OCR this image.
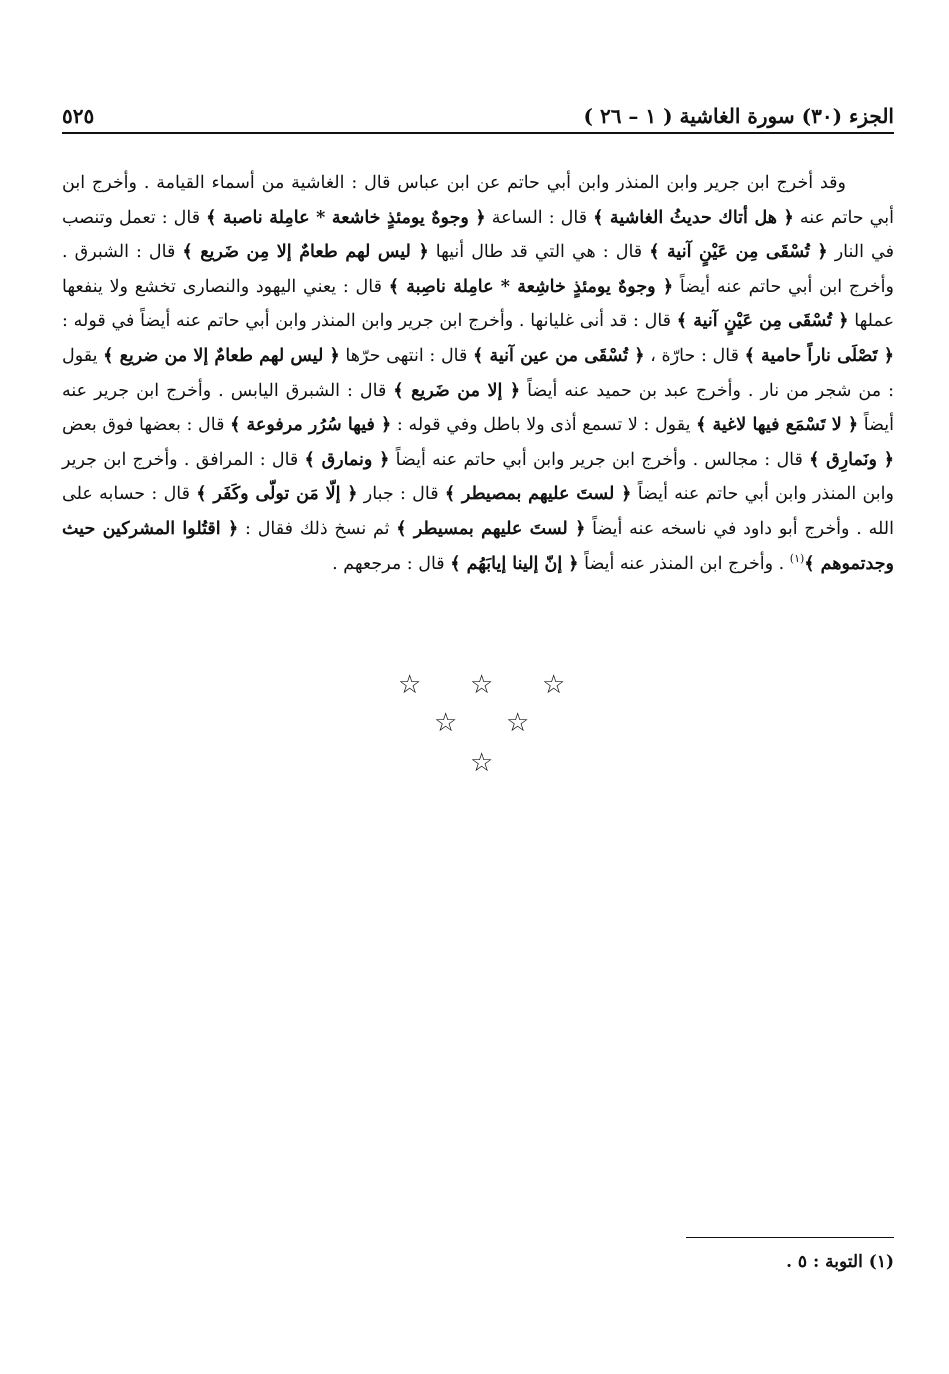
الجزء (٣٠) سورة الغاشية ( ١ – ٢٦ )
٥٢٥
وقد أخرج ابن جرير وابن المنذر وابن أبي حاتم عن ابن عباس قال : الغاشية من أسماء القيامة . وأخرج ابن أبي حاتم عنه ﴿ هل أتاك حديثُ الغاشية ﴾ قال : الساعة ﴿ وجوهٌ يومئذٍ خاشعة * عامِلة ناصبة ﴾ قال : تعمل وتنصب في النار ﴿ تُسْقَى مِن عَيْنٍ آنية ﴾ قال : هي التي قد طال أنيها ﴿ ليس لهم طعامٌ إلا مِن ضَريع ﴾ قال : الشبرق . وأخرج ابن أبي حاتم عنه أيضاً ﴿ وجوهٌ يومئذٍ خاشِعة * عامِلة ناصِبة ﴾ قال : يعني اليهود والنصارى تخشع ولا ينفعها عملها ﴿ تُسْقَى مِن عَيْنٍ آنية ﴾ قال : قد أنى غليانها . وأخرج ابن جرير وابن المنذر وابن أبي حاتم عنه أيضاً في قوله : ﴿ تَصْلَى ناراً حامية ﴾ قال : حارّة ، ﴿ تُسْقَى من عين آنية ﴾ قال : انتهى حرّها ﴿ ليس لهم طعامٌ إلا من ضريع ﴾ يقول : من شجر من نار . وأخرج عبد بن حميد عنه أيضاً ﴿ إلا من ضَريع ﴾ قال : الشبرق اليابس . وأخرج ابن جرير عنه أيضاً ﴿ لا تَسْمَع فيها لاغية ﴾ يقول : لا تسمع أذى ولا باطل وفي قوله : ﴿ فيها سُرُر مرفوعة ﴾ قال : بعضها فوق بعض ﴿ ونَمارِق ﴾ قال : مجالس . وأخرج ابن جرير وابن أبي حاتم عنه أيضاً ﴿ ونمارق ﴾ قال : المرافق . وأخرج ابن جرير وابن المنذر وابن أبي حاتم عنه أيضاً ﴿ لستَ عليهم بمصيطر ﴾ قال : جبار ﴿ إلّا مَن تولّى وكَفَر ﴾ قال : حسابه على الله . وأخرج أبو داود في ناسخه عنه أيضاً ﴿ لستَ عليهم بمسيطر ﴾ ثم نسخ ذلك فقال : ﴿ اقتُلوا المشركين حيث وجدتموهم ﴾$^{(١)}$ . وأخرج ابن المنذر عنه أيضاً ﴿ إنّ إلينا إيابَهُم ﴾ قال : مرجعهم .
☆
☆
☆
☆
☆
☆
(١) التوبة : ٥ .
